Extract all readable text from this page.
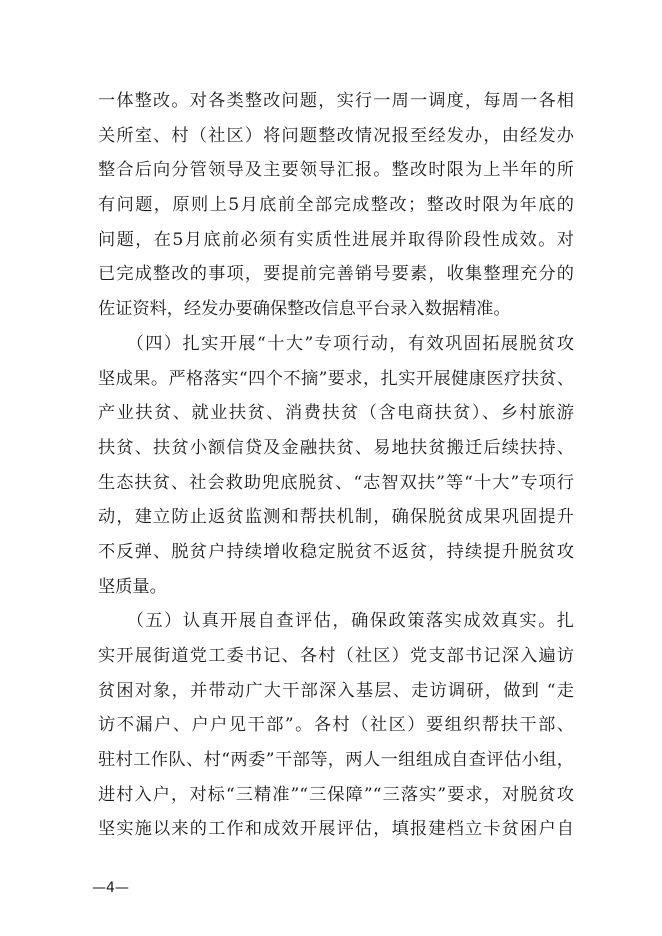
一体整改。对各类整改问题，实行一周一调度，每周一各相
关所室、村（社区）将问题整改情况报至经发办，由经发办
整合后向分管领导及主要领导汇报。整改时限为上半年的所
有问题，原则上5月底前全部完成整改；整改时限为年底的
问题，在5月底前必须有实质性进展并取得阶段性成效。对
已完成整改的事项，要提前完善销号要素，收集整理充分的
佐证资料，经发办要确保整改信息平台录入数据精准。
　　（四）扎实开展“十大”专项行动，有效巩固拓展脱贫攻
坚成果。严格落实“四个不摘”要求，扎实开展健康医疗扶贫、
产业扶贫、就业扶贫、消费扶贫（含电商扶贫）、乡村旅游
扶贫、扶贫小额信贷及金融扶贫、易地扶贫搬迁后续扶持、
生态扶贫、社会救助兜底脱贫、“志智双扶”等“十大”专项行
动，建立防止返贫监测和帮扶机制，确保脱贫成果巩固提升
不反弹、脱贫户持续增收稳定脱贫不返贫，持续提升脱贫攻
坚质量。
　　（五）认真开展自查评估，确保政策落实成效真实。扎
实开展街道党工委书记、各村（社区）党支部书记深入遍访
贫困对象，并带动广大干部深入基层、走访调研，做到 “走
访不漏户、户户见干部”。各村（社区）要组织帮扶干部、
驻村工作队、村“两委”干部等，两人一组组成自查评估小组，
进村入户，对标“三精准”“三保障”“三落实”要求，对脱贫攻
坚实施以来的工作和成效开展评估，填报建档立卡贫困户自
—4—
